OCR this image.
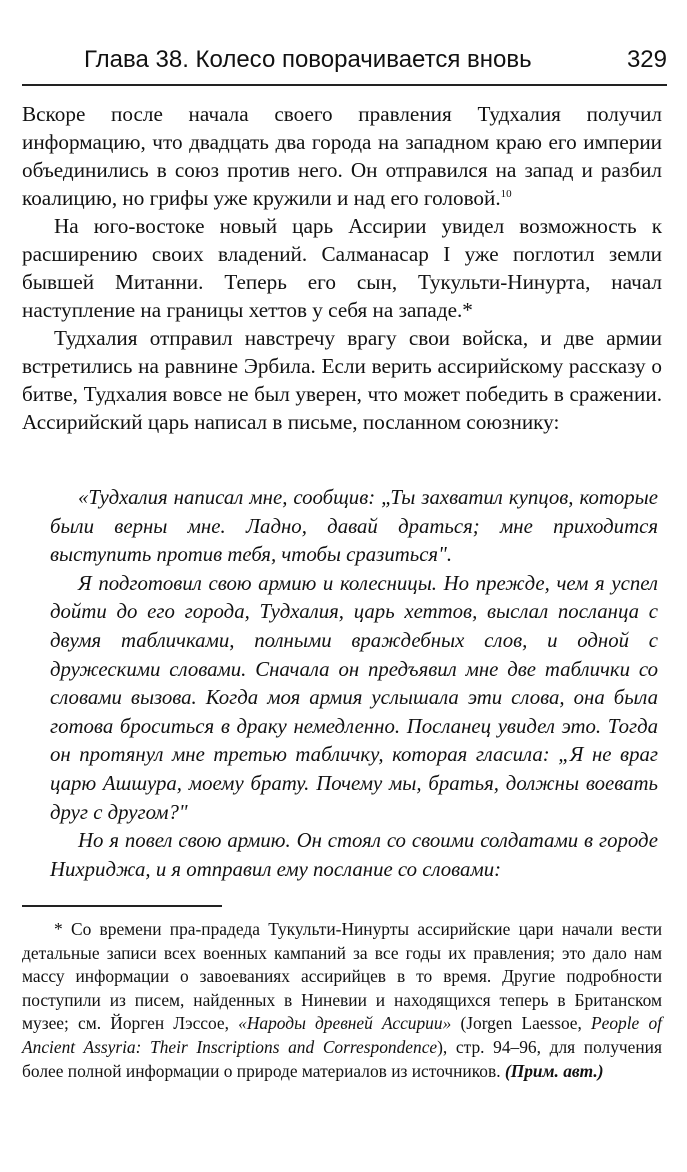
Глава 38. Колесо поворачивается вновь	329

Вскоре после начала своего правления Тудхалия получил информацию, что двадцать два города на западном краю его империи объединились в союз против него. Он отправился на запад и разбил коалицию, но грифы уже кружили и над его головой.$^{10}$

На юго-востоке новый царь Ассирии увидел возможность к расширению своих владений. Салманасар I уже поглотил земли бывшей Митанни. Теперь его сын, Тукульти-Нинурта, начал наступление на границы хеттов у себя на западе.*

Тудхалия отправил навстречу врагу свои войска, и две армии встретились на равнине Эрбила. Если верить ассирийскому рассказу о битве, Тудхалия вовсе не был уверен, что может победить в сражении. Ассирийский царь написал в письме, посланном союзнику:

«Тудхалия написал мне, сообщив: „Ты захватил купцов, которые были верны мне. Ладно, давай драться; мне приходится выступить против тебя, чтобы сразиться".

Я подготовил свою армию и колесницы. Но прежде, чем я успел дойти до его города, Тудхалия, царь хеттов, выслал посланца с двумя табличками, полными враждебных слов, и одной с дружескими словами. Сначала он предъявил мне две таблички со словами вызова. Когда моя армия услышала эти слова, она была готова броситься в драку немедленно. Посланец увидел это. Тогда он протянул мне третью табличку, которая гласила: „Я не враг царю Ашшура, моему брату. Почему мы, братья, должны воевать друг с другом?"

Но я повел свою армию. Он стоял со своими солдатами в городе Нихриджа, и я отправил ему послание со словами:

* Со времени пра-прадеда Тукульти-Нинурты ассирийские цари начали вести детальные записи всех военных кампаний за все годы их правления; это дало нам массу информации о завоеваниях ассирийцев в то время. Другие подробности поступили из писем, найденных в Ниневии и находящихся теперь в Британском музее; см. Йорген Лэссое, «Народы древней Ассирии» (Jorgen Laessoe, People of Ancient Assyria: Their Inscriptions and Correspondence), стр. 94–96, для получения более полной информации о природе материалов из источников. (Прим. авт.)
